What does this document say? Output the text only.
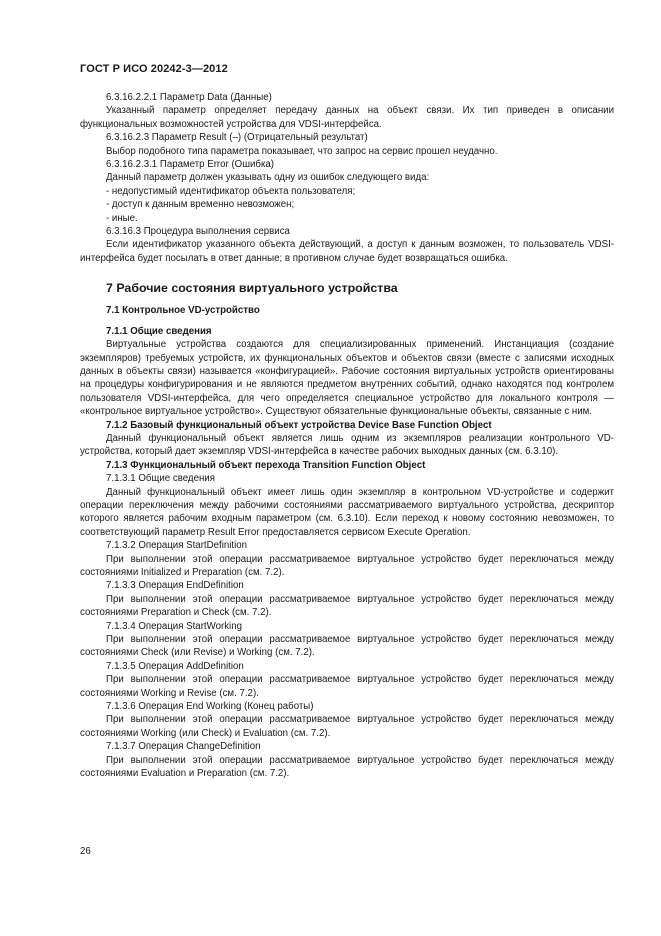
ГОСТ Р ИСО 20242-3—2012

6.3.16.2.2.1 Параметр Data (Данные)

Указанный параметр определяет передачу данных на объект связи. Их тип приведен в описании функциональных возможностей устройства для VDSI-интерфейса.

6.3.16.2.3 Параметр Result (–) (Отрицательный результат)

Выбор подобного типа параметра показывает, что запрос на сервис прошел неудачно.

6.3.16.2.3.1 Параметр Error (Ошибка)

Данный параметр должен указывать одну из ошибок следующего вида:

- недопустимый идентификатор объекта пользователя;

- доступ к данным временно невозможен;

- иные.

6.3.16.3 Процедура выполнения сервиса

Если идентификатор указанного объекта действующий, а доступ к данным возможен, то пользователь VDSI-интерфейса будет посылать в ответ данные; в противном случае будет возвращаться ошибка.

7 Рабочие состояния виртуального устройства

7.1 Контрольное VD-устройство

7.1.1 Общие сведения

Виртуальные устройства создаются для специализированных применений. Инстанциация (создание экземпляров) требуемых устройств, их функциональных объектов и объектов связи (вместе с записями исходных данных в объекты связи) называется «конфигурацией». Рабочие состояния виртуальных устройств ориентированы на процедуры конфигурирования и не являются предметом внутренних событий, однако находятся под контролем пользователя VDSI-интерфейса, для чего определяется специальное устройство для локального контроля — «контрольное виртуальное устройство». Существуют обязательные функциональные объекты, связанные с ним.

7.1.2 Базовый функциональный объект устройства Device Base Function Object

Данный функциональный объект является лишь одним из экземпляров реализации контрольного VD-устройства, который дает экземпляр VDSI-интерфейса в качестве рабочих выходных данных (см. 6.3.10).

7.1.3 Функциональный объект перехода Transition Function Object

7.1.3.1 Общие сведения

Данный функциональный объект имеет лишь один экземпляр в контрольном VD-устройстве и содержит операции переключения между рабочими состояниями рассматриваемого виртуального устройства, дескриптор которого является рабочим входным параметром (см. 6.3.10). Если переход к новому состоянию невозможен, то соответствующий параметр Result Error предоставляется сервисом Execute Operation.

7.1.3.2 Операция StartDefinition

При выполнении этой операции рассматриваемое виртуальное устройство будет переключаться между состояниями Initialized и Preparation (см. 7.2).

7.1.3.3 Операция EndDefinition

При выполнении этой операции рассматриваемое виртуальное устройство будет переключаться между состояниями Preparation и Check (см. 7.2).

7.1.3.4 Операция StartWorking

При выполнении этой операции рассматриваемое виртуальное устройство будет переключаться между состояниями Check (или Revise) и Working (см. 7.2).

7.1.3.5 Операция AddDefinition

При выполнении этой операции рассматриваемое виртуальное устройство будет переключаться между состояниями Working и Revise (см. 7.2).

7.1.3.6 Операция End Working (Конец работы)

При выполнении этой операции рассматриваемое виртуальное устройство будет переключаться между состояниями Working (или Check) и Evaluation (см. 7.2).

7.1.3.7 Операция ChangeDefinition

При выполнении этой операции рассматриваемое виртуальное устройство будет переключаться между состояниями Evaluation и Preparation (см. 7.2).

26
